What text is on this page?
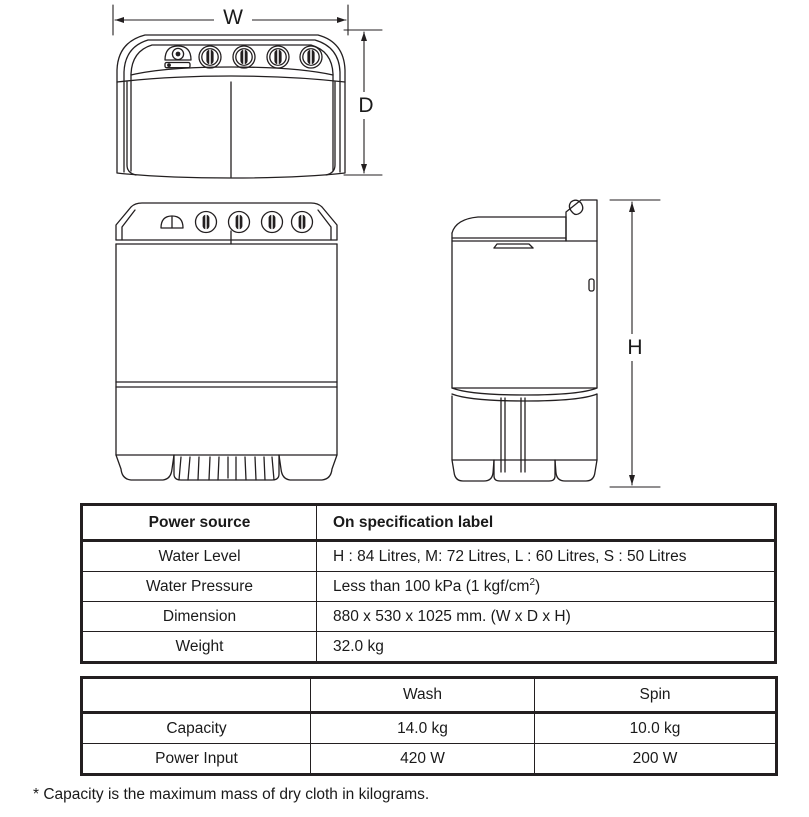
W
D
H
Power source	On specification label
Water Level	H : 84 Litres, M: 72 Litres, L : 60 Litres, S : 50 Litres
Water Pressure	Less than 100 kPa (1 kgf/$cm^2$)
Dimension	880 x 530 x 1025 mm. (W x D x H)
Weight	32.0 kg
	Wash	Spin
Capacity	14.0 kg	10.0 kg
Power Input	420 W	200 W
* Capacity is the maximum mass of dry cloth in kilograms.
